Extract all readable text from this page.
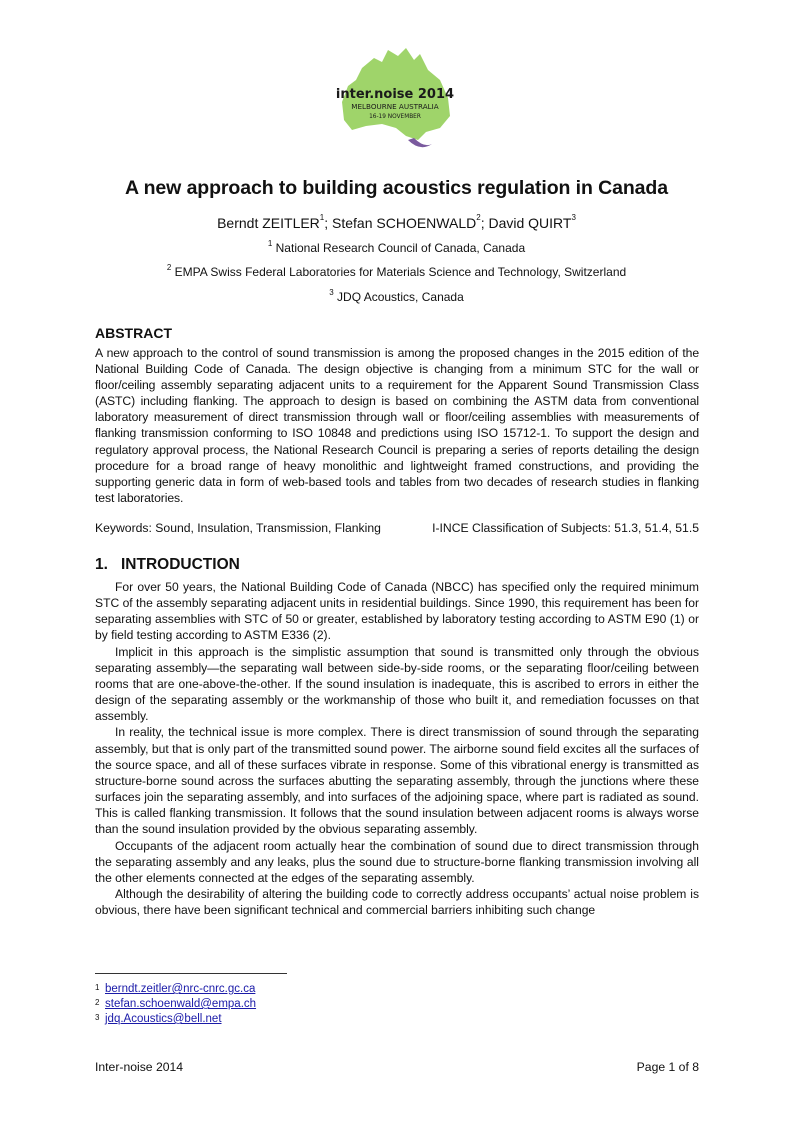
inter.noise 2014
MELBOURNE AUSTRALIA
16-19 NOVEMBER
A new approach to building acoustics regulation in Canada
Berndt ZEITLER$^1$; Stefan SCHOENWALD$^2$; David QUIRT$^3$
$^1$ National Research Council of Canada, Canada
$^2$ EMPA Swiss Federal Laboratories for Materials Science and Technology, Switzerland
$^3$ JDQ Acoustics, Canada
ABSTRACT
A new approach to the control of sound transmission is among the proposed changes in the 2015 edition of the National Building Code of Canada. The design objective is changing from a minimum STC for the wall or floor/ceiling assembly separating adjacent units to a requirement for the Apparent Sound Transmission Class (ASTC) including flanking. The approach to design is based on combining the ASTM data from conventional laboratory measurement of direct transmission through wall or floor/ceiling assemblies with measurements of flanking transmission conforming to ISO 10848 and predictions using ISO 15712-1. To support the design and regulatory approval process, the National Research Council is preparing a series of reports detailing the design procedure for a broad range of heavy monolithic and lightweight framed constructions, and providing the supporting generic data in form of web-based tools and tables from two decades of research studies in flanking test laboratories.
Keywords: Sound, Insulation, Transmission, Flanking	I-INCE Classification of Subjects: 51.3, 51.4, 51.5
1. INTRODUCTION

For over 50 years, the National Building Code of Canada (NBCC) has specified only the required minimum STC of the assembly separating adjacent units in residential buildings. Since 1990, this requirement has been for separating assemblies with STC of 50 or greater, established by laboratory testing according to ASTM E90 (1) or by field testing according to ASTM E336 (2).

Implicit in this approach is the simplistic assumption that sound is transmitted only through the obvious separating assembly—the separating wall between side-by-side rooms, or the separating floor/ceiling between rooms that are one-above-the-other. If the sound insulation is inadequate, this is ascribed to errors in either the design of the separating assembly or the workmanship of those who built it, and remediation focusses on that assembly.

In reality, the technical issue is more complex. There is direct transmission of sound through the separating assembly, but that is only part of the transmitted sound power. The airborne sound field excites all the surfaces of the source space, and all of these surfaces vibrate in response. Some of this vibrational energy is transmitted as structure-borne sound across the surfaces abutting the separating assembly, through the junctions where these surfaces join the separating assembly, and into surfaces of the adjoining space, where part is radiated as sound. This is called flanking transmission. It follows that the sound insulation between adjacent rooms is always worse than the sound insulation provided by the obvious separating assembly.

Occupants of the adjacent room actually hear the combination of sound due to direct transmission through the separating assembly and any leaks, plus the sound due to structure-borne flanking transmission involving all the other elements connected at the edges of the separating assembly.

Although the desirability of altering the building code to correctly address occupants’ actual noise problem is obvious, there have been significant technical and commercial barriers inhibiting such change

1 berndt.zeitler@nrc-cnrc.gc.ca
2 stefan.schoenwald@empa.ch
3 jdq.Acoustics@bell.net
Inter-noise 2014	Page 1 of 8
